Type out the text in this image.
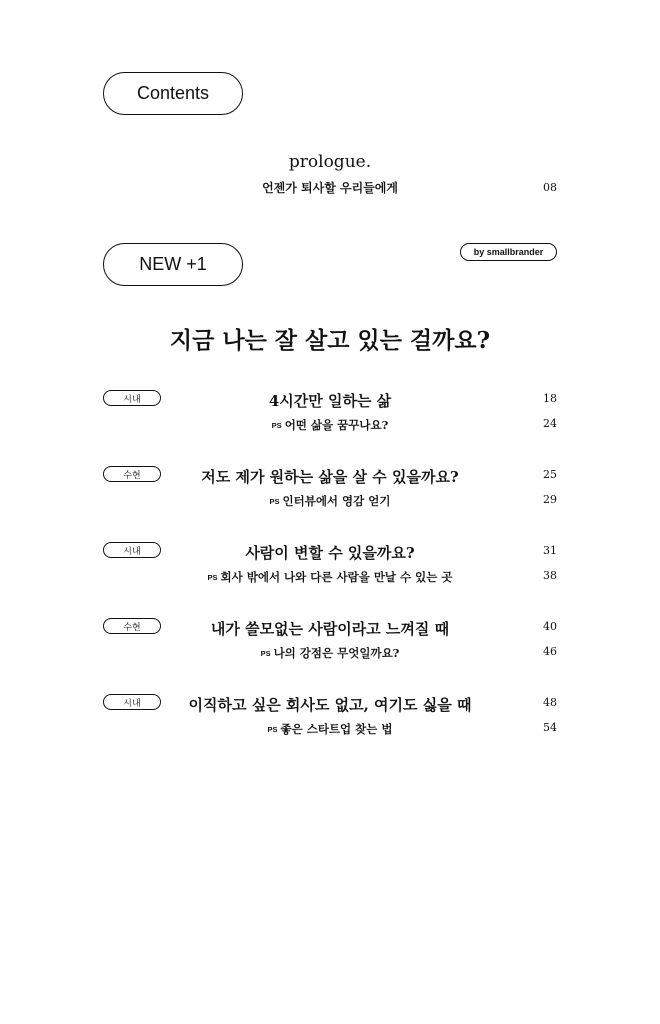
Contents
prologue.
언젠가 퇴사할 우리들에게	08
NEW +1
by smallbrander
지금 나는 잘 살고 있는 걸까요?
시내	4시간만 일하는 삶	18
PS 어떤 삶을 꿈꾸나요?	24
수현	저도 제가 원하는 삶을 살 수 있을까요?	25
PS 인터뷰에서 영감 얻기	29
시내	사람이 변할 수 있을까요?	31
PS 회사 밖에서 나와 다른 사람을 만날 수 있는 곳	38
수현	내가 쓸모없는 사람이라고 느껴질 때	40
PS 나의 강점은 무엇일까요?	46
시내	이직하고 싶은 회사도 없고, 여기도 싫을 때	48
PS 좋은 스타트업 찾는 법	54
